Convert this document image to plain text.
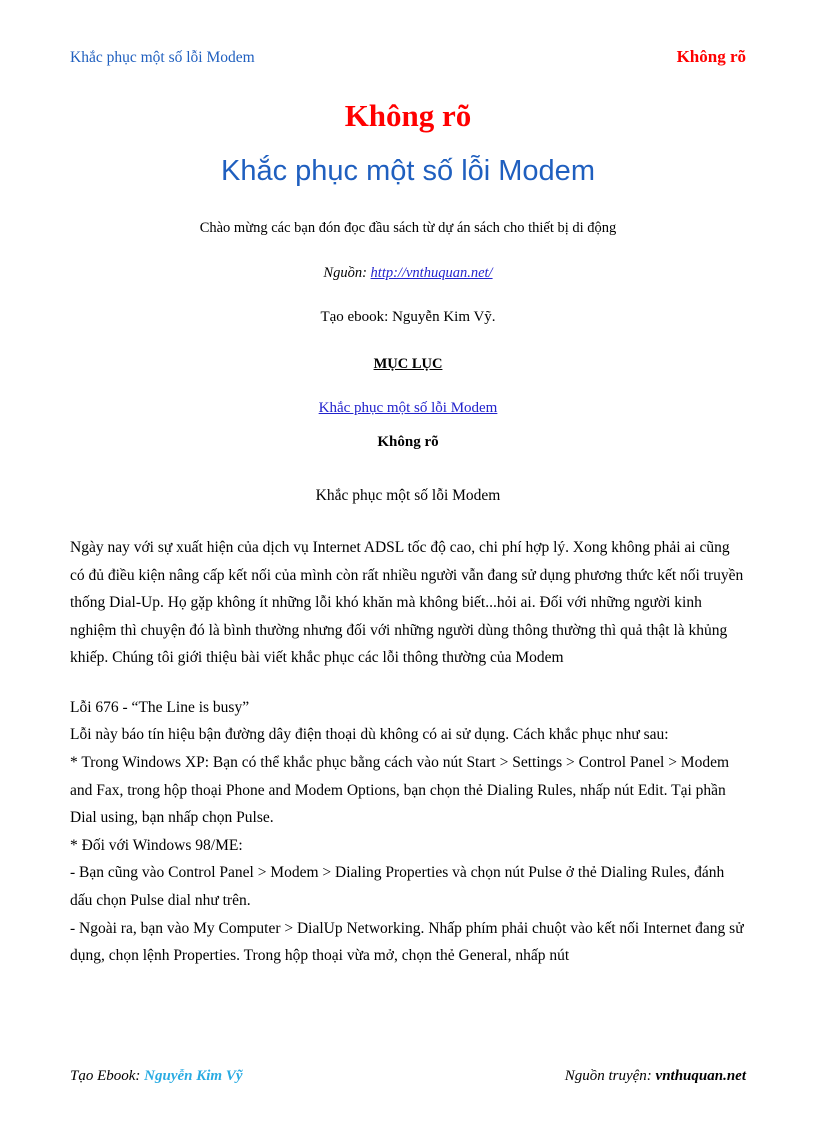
Khắc phục một số lỗi Modem	Không rõ
Không rõ
Khắc phục một số lỗi Modem

Chào mừng các bạn đón đọc đầu sách từ dự án sách cho thiết bị di động

Nguồn: http://vnthuquan.net/

Tạo ebook: Nguyễn Kim Vỹ.

MỤC LỤC

Khắc phục một số lỗi Modem

Không rõ

Khắc phục một số lỗi Modem

Ngày nay với sự xuất hiện của dịch vụ Internet ADSL tốc độ cao, chi phí hợp lý. Xong không phải ai cũng có đủ điều kiện nâng cấp kết nối của mình còn rất nhiều người vẫn đang sử dụng phương thức kết nối truyền thống Dial-Up. Họ gặp không ít những lỗi khó khăn mà không biết...hỏi ai. Đối với những người kinh nghiệm thì chuyện đó là bình thường nhưng đối với những người dùng thông thường thì quả thật là khủng khiếp. Chúng tôi giới thiệu bài viết khắc phục các lỗi thông thường của Modem

Lỗi 676 - “The Line is busy”
Lỗi này báo tín hiệu bận đường dây điện thoại dù không có ai sử dụng. Cách khắc phục như sau:
* Trong Windows XP: Bạn có thể khắc phục bằng cách vào nút Start > Settings > Control Panel > Modem and Fax, trong hộp thoại Phone and Modem Options, bạn chọn thẻ Dialing Rules, nhấp nút Edit. Tại phần Dial using, bạn nhấp chọn Pulse.
* Đối với Windows 98/ME:
- Bạn cũng vào Control Panel > Modem > Dialing Properties và chọn nút Pulse ở thẻ Dialing Rules, đánh dấu chọn Pulse dial như trên.
- Ngoài ra, bạn vào My Computer > DialUp Networking. Nhấp phím phải chuột vào kết nối Internet đang sử dụng, chọn lệnh Properties. Trong hộp thoại vừa mở, chọn thẻ General, nhấp nút
Tạo Ebook: Nguyễn Kim Vỹ	Nguồn truyện: vnthuquan.net
